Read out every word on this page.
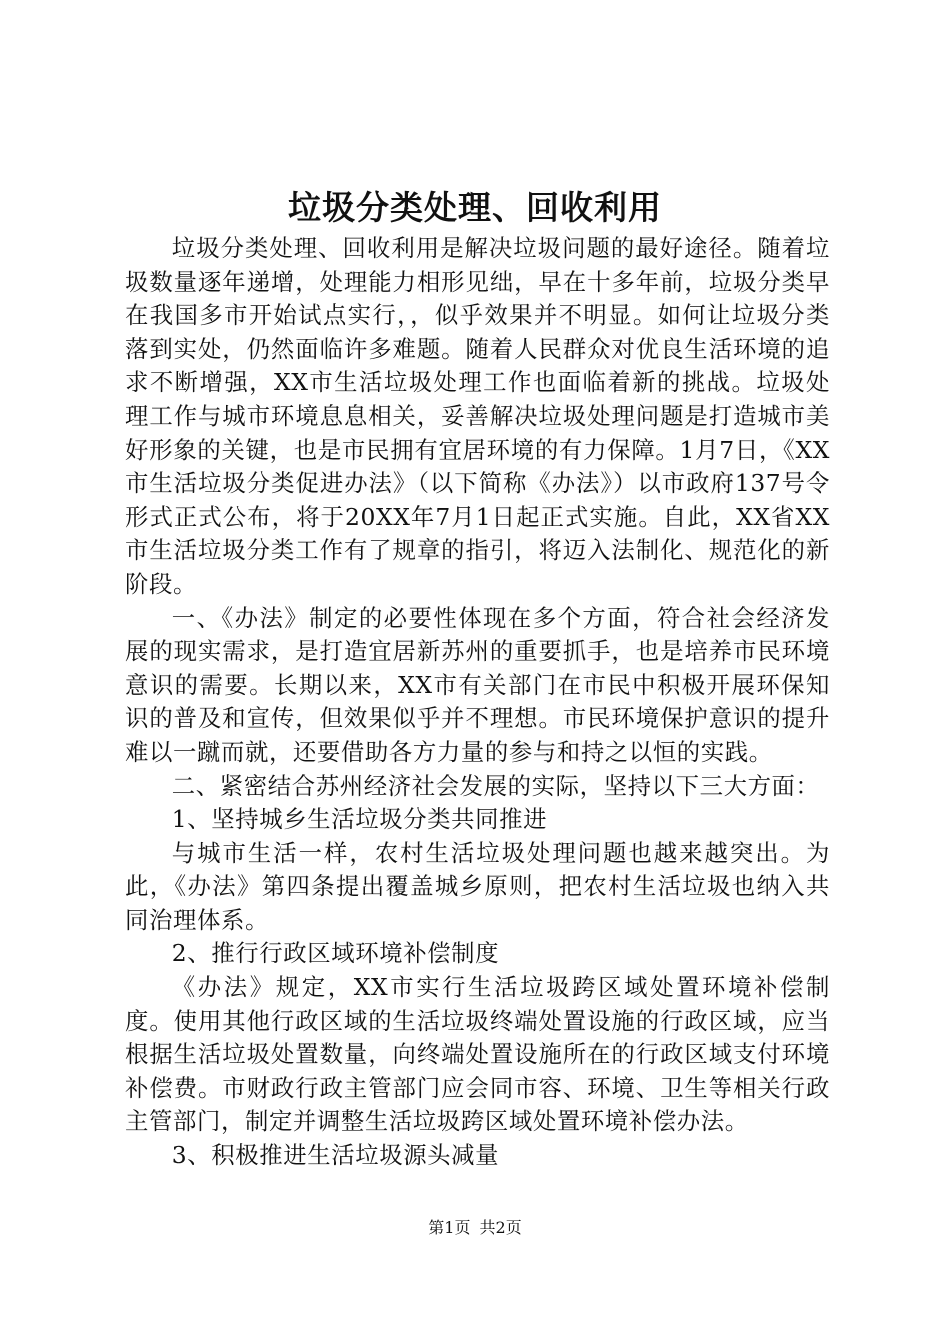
垃圾分类处理、回收利用

垃圾分类处理、回收利用是解决垃圾问题的最好途径。随着垃圾数量逐年递增，处理能力相形见绌，早在十多年前，垃圾分类早在我国多市开始试点实行，，似乎效果并不明显。如何让垃圾分类落到实处，仍然面临许多难题。随着人民群众对优良生活环境的追求不断增强，XX市生活垃圾处理工作也面临着新的挑战。垃圾处理工作与城市环境息息相关，妥善解决垃圾处理问题是打造城市美好形象的关键，也是市民拥有宜居环境的有力保障。1月7日，《XX市生活垃圾分类促进办法》（以下简称《办法》）以市政府137号令形式正式公布，将于20XX年7月1日起正式实施。自此，XX省XX市生活垃圾分类工作有了规章的指引，将迈入法制化、规范化的新阶段。

一、《办法》制定的必要性体现在多个方面，符合社会经济发展的现实需求，是打造宜居新苏州的重要抓手，也是培养市民环境意识的需要。长期以来，XX市有关部门在市民中积极开展环保知识的普及和宣传，但效果似乎并不理想。市民环境保护意识的提升难以一蹴而就，还要借助各方力量的参与和持之以恒的实践。

二、紧密结合苏州经济社会发展的实际，坚持以下三大方面：

1、坚持城乡生活垃圾分类共同推进

与城市生活一样，农村生活垃圾处理问题也越来越突出。为此，《办法》第四条提出覆盖城乡原则，把农村生活垃圾也纳入共同治理体系。

2、推行行政区域环境补偿制度

《办法》规定，XX市实行生活垃圾跨区域处置环境补偿制度。使用其他行政区域的生活垃圾终端处置设施的行政区域，应当根据生活垃圾处置数量，向终端处置设施所在的行政区域支付环境补偿费。市财政行政主管部门应会同市容、环境、卫生等相关行政主管部门，制定并调整生活垃圾跨区域处置环境补偿办法。

3、积极推进生活垃圾源头减量

第1页 共2页
